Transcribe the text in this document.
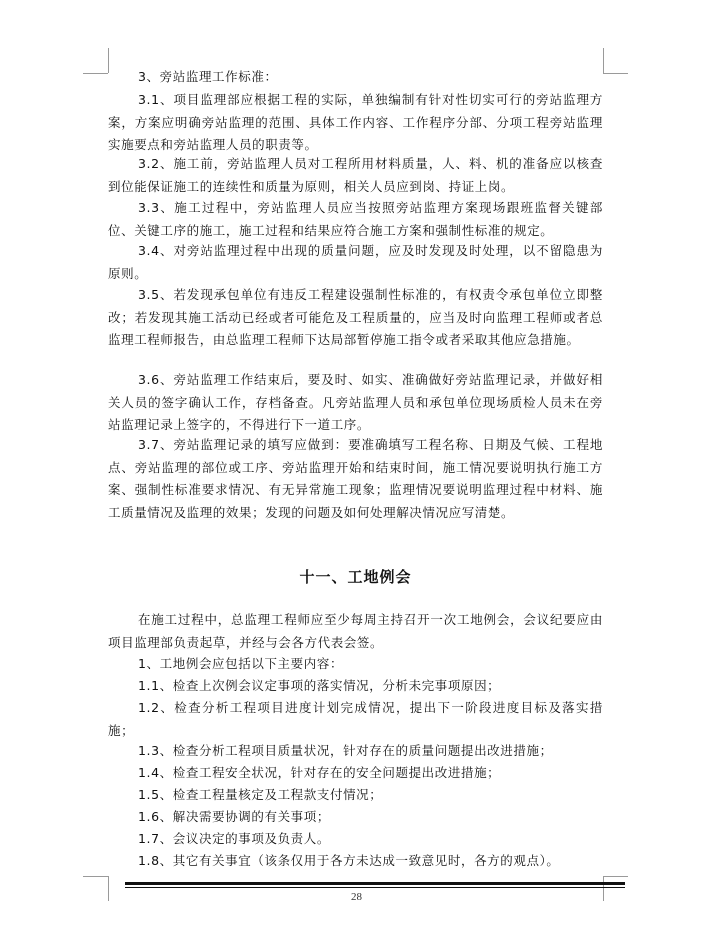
3、旁站监理工作标准：

3.1、项目监理部应根据工程的实际，单独编制有针对性切实可行的旁站监理方案，方案应明确旁站监理的范围、具体工作内容、工作程序分部、分项工程旁站监理实施要点和旁站监理人员的职责等。

3.2、施工前，旁站监理人员对工程所用材料质量，人、料、机的准备应以核查到位能保证施工的连续性和质量为原则，相关人员应到岗、持证上岗。

3.3、施工过程中，旁站监理人员应当按照旁站监理方案现场跟班监督关键部位、关键工序的施工，施工过程和结果应符合施工方案和强制性标准的规定。

3.4、对旁站监理过程中出现的质量问题，应及时发现及时处理，以不留隐患为原则。

3.5、若发现承包单位有违反工程建设强制性标准的，有权责令承包单位立即整改；若发现其施工活动已经或者可能危及工程质量的，应当及时向监理工程师或者总监理工程师报告，由总监理工程师下达局部暂停施工指令或者采取其他应急措施。

3.6、旁站监理工作结束后，要及时、如实、准确做好旁站监理记录，并做好相关人员的签字确认工作，存档备查。凡旁站监理人员和承包单位现场质检人员未在旁站监理记录上签字的，不得进行下一道工序。

3.7、旁站监理记录的填写应做到：要准确填写工程名称、日期及气候、工程地点、旁站监理的部位或工序、旁站监理开始和结束时间，施工情况要说明执行施工方案、强制性标准要求情况、有无异常施工现象；监理情况要说明监理过程中材料、施工质量情况及监理的效果；发现的问题及如何处理解决情况应写清楚。

十一、工地例会

在施工过程中，总监理工程师应至少每周主持召开一次工地例会，会议纪要应由项目监理部负责起草，并经与会各方代表会签。

1、工地例会应包括以下主要内容：

1.1、检查上次例会议定事项的落实情况，分析未完事项原因；

1.2、检查分析工程项目进度计划完成情况，提出下一阶段进度目标及落实措施；

1.3、检查分析工程项目质量状况，针对存在的质量问题提出改进措施；

1.4、检查工程安全状况，针对存在的安全问题提出改进措施；

1.5、检查工程量核定及工程款支付情况；

1.6、解决需要协调的有关事项；

1.7、会议决定的事项及负责人。

1.8、其它有关事宜（该条仅用于各方未达成一致意见时，各方的观点）。

28
